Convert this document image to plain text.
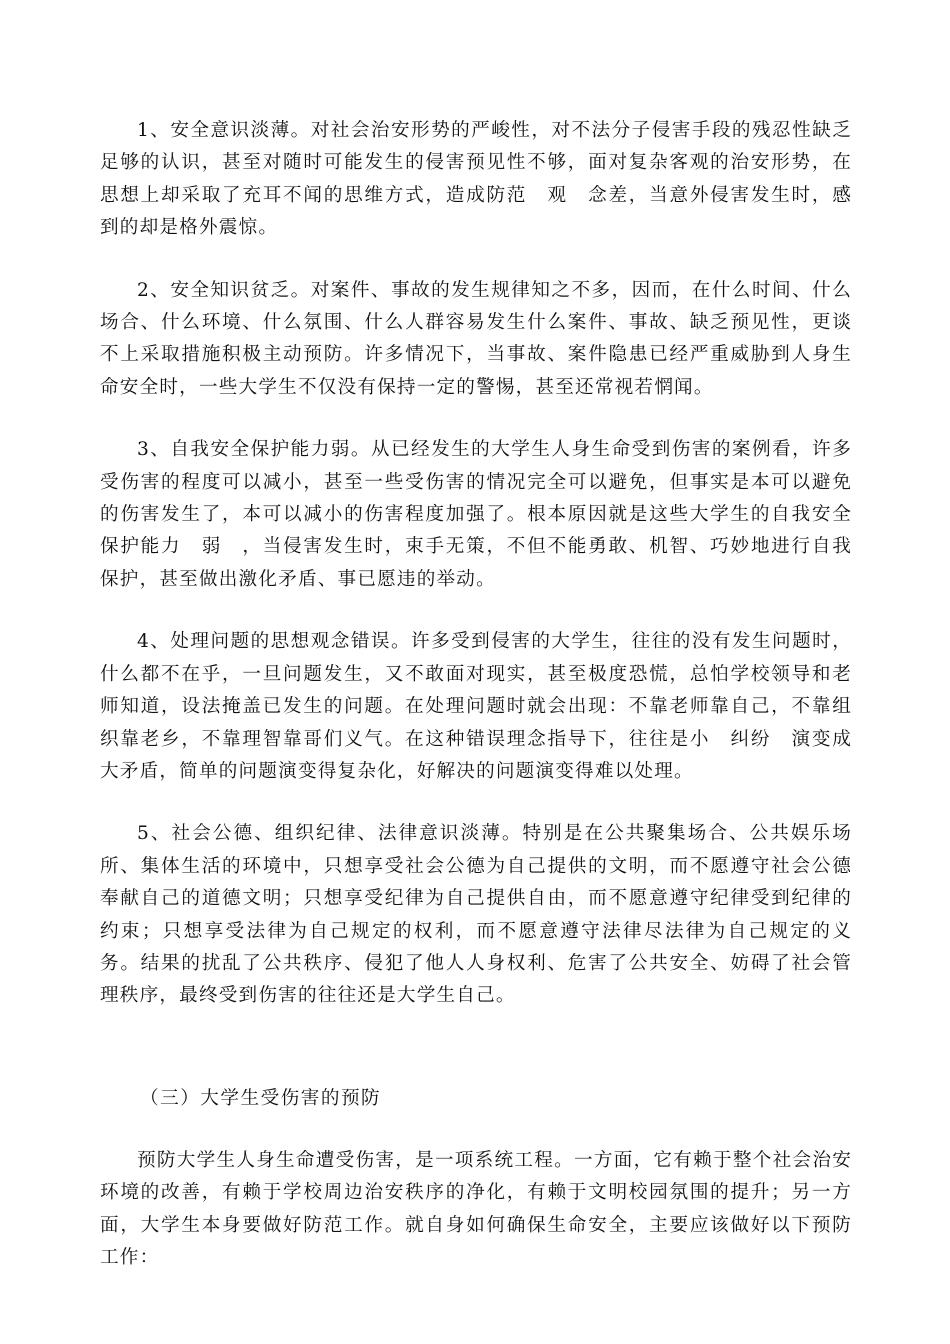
1、安全意识淡薄。对社会治安形势的严峻性，对不法分子侵害手段的残忍性缺乏足够的认识，甚至对随时可能发生的侵害预见性不够，面对复杂客观的治安形势，在思想上却采取了充耳不闻的思维方式，造成防范　观　念差，当意外侵害发生时，感到的却是格外震惊。

2、安全知识贫乏。对案件、事故的发生规律知之不多，因而，在什么时间、什么场合、什么环境、什么氛围、什么人群容易发生什么案件、事故、缺乏预见性，更谈不上采取措施积极主动预防。许多情况下，当事故、案件隐患已经严重威胁到人身生命安全时，一些大学生不仅没有保持一定的警惕，甚至还常视若惘闻。

3、自我安全保护能力弱。从已经发生的大学生人身生命受到伤害的案例看，许多受伤害的程度可以减小，甚至一些受伤害的情况完全可以避免，但事实是本可以避免的伤害发生了，本可以减小的伤害程度加强了。根本原因就是这些大学生的自我安全保护能力　弱　，当侵害发生时，束手无策，不但不能勇敢、机智、巧妙地进行自我保护，甚至做出激化矛盾、事已愿违的举动。

4、处理问题的思想观念错误。许多受到侵害的大学生，往往的没有发生问题时，什么都不在乎，一旦问题发生，又不敢面对现实，甚至极度恐慌，总怕学校领导和老师知道，设法掩盖已发生的问题。在处理问题时就会出现：不靠老师靠自己，不靠组织靠老乡，不靠理智靠哥们义气。在这种错误理念指导下，往往是小　纠纷　演变成大矛盾，简单的问题演变得复杂化，好解决的问题演变得难以处理。

5、社会公德、组织纪律、法律意识淡薄。特别是在公共聚集场合、公共娱乐场所、集体生活的环境中，只想享受社会公德为自己提供的文明，而不愿遵守社会公德奉献自己的道德文明；只想享受纪律为自己提供自由，而不愿意遵守纪律受到纪律的约束；只想享受法律为自己规定的权利，而不愿意遵守法律尽法律为自己规定的义务。结果的扰乱了公共秩序、侵犯了他人人身权利、危害了公共安全、妨碍了社会管理秩序，最终受到伤害的往往还是大学生自己。

（三）大学生受伤害的预防

预防大学生人身生命遭受伤害，是一项系统工程。一方面，它有赖于整个社会治安环境的改善，有赖于学校周边治安秩序的净化，有赖于文明校园氛围的提升；另一方面，大学生本身要做好防范工作。就自身如何确保生命安全，主要应该做好以下预防工作：
